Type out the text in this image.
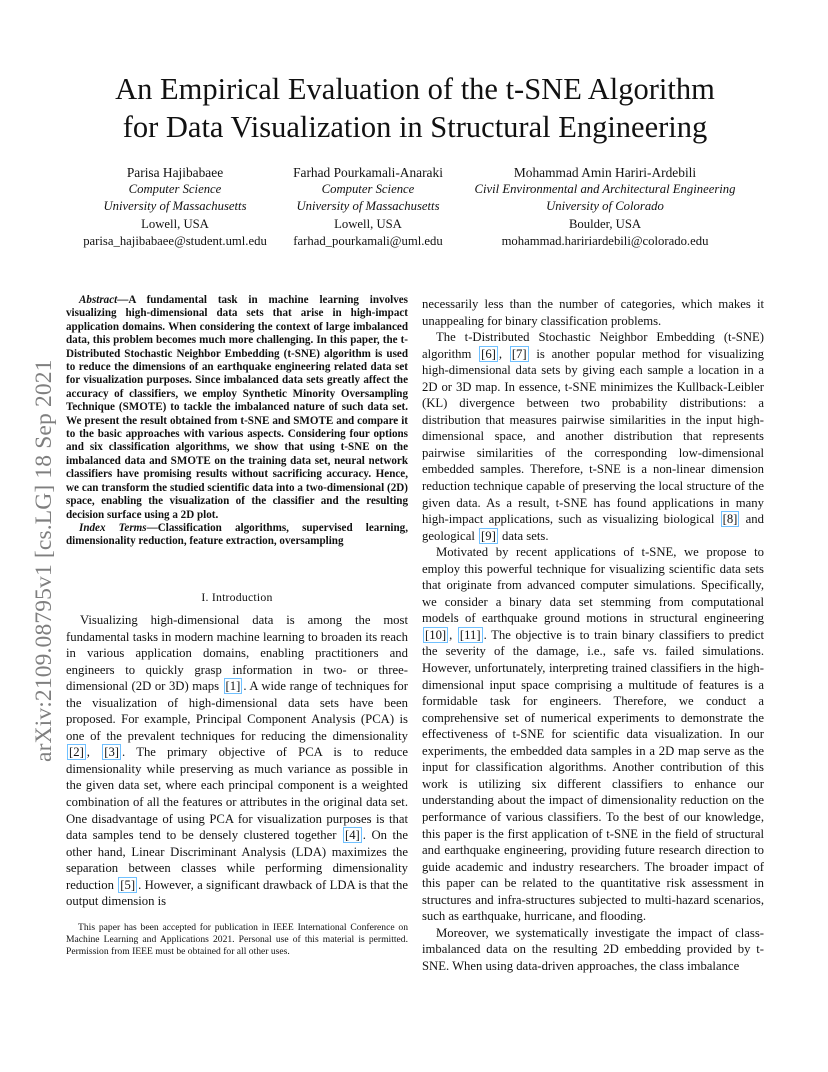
arXiv:2109.08795v1 [cs.LG] 18 Sep 2021
An Empirical Evaluation of the t-SNE Algorithm
for Data Visualization in Structural Engineering
Parisa Hajibabaee
Computer Science
University of Massachusetts
Lowell, USA
parisa_hajibabaee@student.uml.edu
Farhad Pourkamali-Anaraki
Computer Science
University of Massachusetts
Lowell, USA
farhad_pourkamali@uml.edu
Mohammad Amin Hariri-Ardebili
Civil Environmental and Architectural Engineering
University of Colorado
Boulder, USA
mohammad.haririardebili@colorado.edu

Abstract—A fundamental task in machine learning involves visualizing high-dimensional data sets that arise in high-impact application domains. When considering the context of large imbalanced data, this problem becomes much more challenging. In this paper, the t-Distributed Stochastic Neighbor Embedding (t-SNE) algorithm is used to reduce the dimensions of an earthquake engineering related data set for visualization purposes. Since imbalanced data sets greatly affect the accuracy of classifiers, we employ Synthetic Minority Oversampling Technique (SMOTE) to tackle the imbalanced nature of such data set. We present the result obtained from t-SNE and SMOTE and compare it to the basic approaches with various aspects. Considering four options and six classification algorithms, we show that using t-SNE on the imbalanced data and SMOTE on the training data set, neural network classifiers have promising results without sacrificing accuracy. Hence, we can transform the studied scientific data into a two-dimensional (2D) space, enabling the visualization of the classifier and the resulting decision surface using a 2D plot.

Index Terms—Classification algorithms, supervised learning, dimensionality reduction, feature extraction, oversampling

I. Introduction

Visualizing high-dimensional data is among the most fundamental tasks in modern machine learning to broaden its reach in various application domains, enabling practitioners and engineers to quickly grasp information in two- or three-dimensional (2D or 3D) maps [1] . A wide range of techniques for the visualization of high-dimensional data sets have been proposed. For example, Principal Component Analysis (PCA) is one of the prevalent techniques for reducing the dimensionality [2] , [3] . The primary objective of PCA is to reduce dimensionality while preserving as much variance as possible in the given data set, where each principal component is a weighted combination of all the features or attributes in the original data set. One disadvantage of using PCA for visualization purposes is that data samples tend to be densely clustered together [4] . On the other hand, Linear Discriminant Analysis (LDA) maximizes the separation between classes while performing dimensionality reduction [5] . However, a significant drawback of LDA is that the output dimension is

This paper has been accepted for publication in IEEE International Conference on Machine Learning and Applications 2021. Personal use of this material is permitted. Permission from IEEE must be obtained for all other uses.

necessarily less than the number of categories, which makes it unappealing for binary classification problems.

The t-Distributed Stochastic Neighbor Embedding (t-SNE) algorithm [6] , [7] is another popular method for visualizing high-dimensional data sets by giving each sample a location in a 2D or 3D map. In essence, t-SNE minimizes the Kullback-Leibler (KL) divergence between two probability distributions: a distribution that measures pairwise similarities in the input high-dimensional space, and another distribution that represents pairwise similarities of the corresponding low-dimensional embedded samples. Therefore, t-SNE is a non-linear dimension reduction technique capable of preserving the local structure of the given data. As a result, t-SNE has found applications in many high-impact applications, such as visualizing biological [8] and geological [9] data sets.

Motivated by recent applications of t-SNE, we propose to employ this powerful technique for visualizing scientific data sets that originate from advanced computer simulations. Specifically, we consider a binary data set stemming from computational models of earthquake ground motions in structural engineering [10] , [11] . The objective is to train binary classifiers to predict the severity of the damage, i.e., safe vs. failed simulations. However, unfortunately, interpreting trained classifiers in the high-dimensional input space comprising a multitude of features is a formidable task for engineers. Therefore, we conduct a comprehensive set of numerical experiments to demonstrate the effectiveness of t-SNE for scientific data visualization. In our experiments, the embedded data samples in a 2D map serve as the input for classification algorithms. Another contribution of this work is utilizing six different classifiers to enhance our understanding about the impact of dimensionality reduction on the performance of various classifiers. To the best of our knowledge, this paper is the first application of t-SNE in the field of structural and earthquake engineering, providing future research direction to guide academic and industry researchers. The broader impact of this paper can be related to the quantitative risk assessment in structures and infra-structures subjected to multi-hazard scenarios, such as earthquake, hurricane, and flooding.

Moreover, we systematically investigate the impact of class-imbalanced data on the resulting 2D embedding provided by t-SNE. When using data-driven approaches, the class imbalance
